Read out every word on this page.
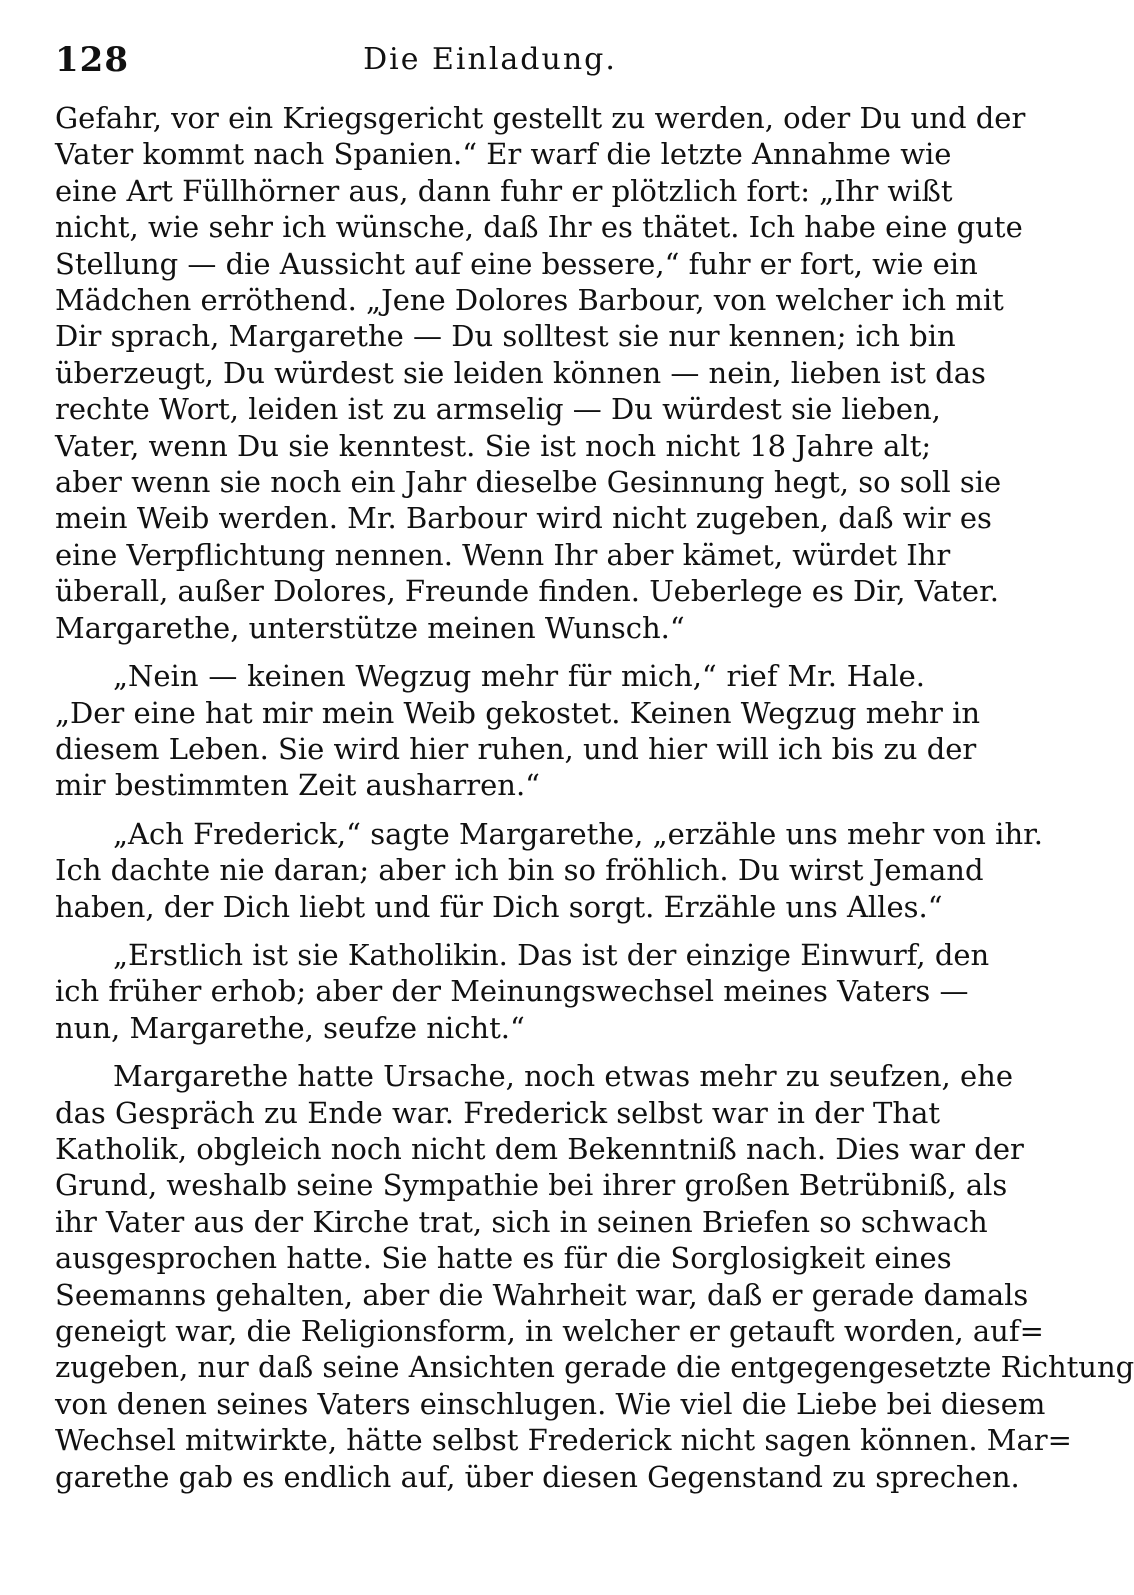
128	Die Einladung.
Gefahr, vor ein Kriegsgericht gestellt zu werden, oder Du und der
Vater kommt nach Spanien.“ Er warf die letzte Annahme wie
eine Art Füllhörner aus, dann fuhr er plötzlich fort: „Ihr wißt
nicht, wie sehr ich wünsche, daß Ihr es thätet. Ich habe eine gute
Stellung — die Aussicht auf eine bessere,“ fuhr er fort, wie ein
Mädchen erröthend. „Jene Dolores Barbour, von welcher ich mit
Dir sprach, Margarethe — Du solltest sie nur kennen; ich bin
überzeugt, Du würdest sie leiden können — nein, lieben ist das
rechte Wort, leiden ist zu armselig — Du würdest sie lieben,
Vater, wenn Du sie kenntest. Sie ist noch nicht 18 Jahre alt;
aber wenn sie noch ein Jahr dieselbe Gesinnung hegt, so soll sie
mein Weib werden. Mr. Barbour wird nicht zugeben, daß wir es
eine Verpflichtung nennen. Wenn Ihr aber kämet, würdet Ihr
überall, außer Dolores, Freunde finden. Ueberlege es Dir, Vater.
Margarethe, unterstütze meinen Wunsch.“
„Nein — keinen Wegzug mehr für mich,“ rief Mr. Hale.
„Der eine hat mir mein Weib gekostet. Keinen Wegzug mehr in
diesem Leben. Sie wird hier ruhen, und hier will ich bis zu der
mir bestimmten Zeit ausharren.“
„Ach Frederick,“ sagte Margarethe, „erzähle uns mehr von ihr.
Ich dachte nie daran; aber ich bin so fröhlich. Du wirst Jemand
haben, der Dich liebt und für Dich sorgt. Erzähle uns Alles.“
„Erstlich ist sie Katholikin. Das ist der einzige Einwurf, den
ich früher erhob; aber der Meinungswechsel meines Vaters —
nun, Margarethe, seufze nicht.“
Margarethe hatte Ursache, noch etwas mehr zu seufzen, ehe
das Gespräch zu Ende war. Frederick selbst war in der That
Katholik, obgleich noch nicht dem Bekenntniß nach. Dies war der
Grund, weshalb seine Sympathie bei ihrer großen Betrübniß, als
ihr Vater aus der Kirche trat, sich in seinen Briefen so schwach
ausgesprochen hatte. Sie hatte es für die Sorglosigkeit eines
Seemanns gehalten, aber die Wahrheit war, daß er gerade damals
geneigt war, die Religionsform, in welcher er getauft worden, auf=
zugeben, nur daß seine Ansichten gerade die entgegengesetzte Richtung
von denen seines Vaters einschlugen. Wie viel die Liebe bei diesem
Wechsel mitwirkte, hätte selbst Frederick nicht sagen können. Mar=
garethe gab es endlich auf, über diesen Gegenstand zu sprechen.
